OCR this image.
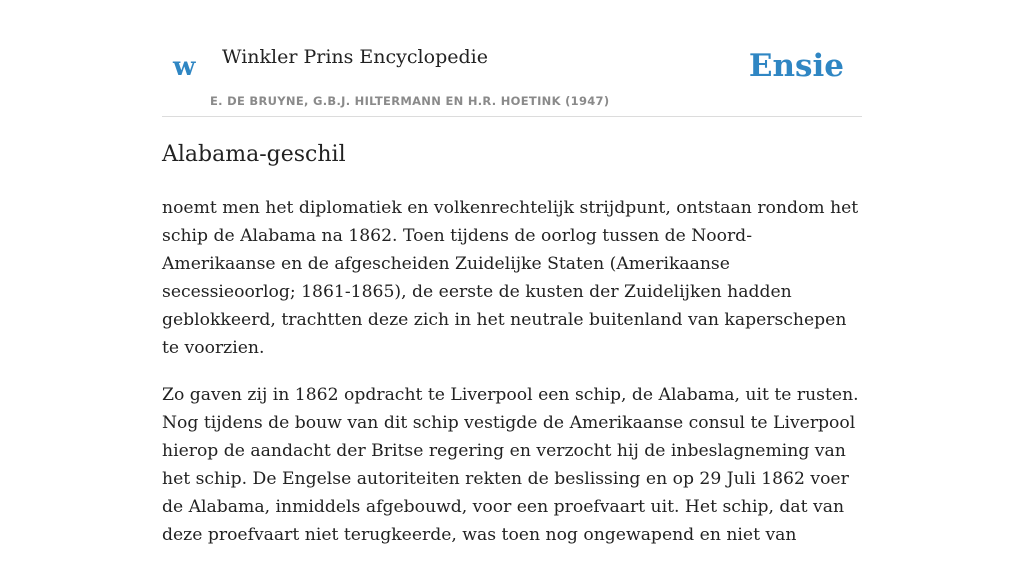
w Winkler Prins Encyclopedie
E. DE BRUYNE, G.B.J. HILTERMANN EN H.R. HOETINK (1947)
Ensie
Alabama-geschil

noemt men het diplomatiek en volkenrechtelijk strijdpunt, ontstaan rondom het schip de Alabama na 1862. Toen tijdens de oorlog tussen de Noord-Amerikaanse en de afgescheiden Zuidelijke Staten (Amerikaanse secessieoorlog; 1861-1865), de eerste de kusten der Zuidelijken hadden geblokkeerd, trachtten deze zich in het neutrale buitenland van kaperschepen te voorzien.

Zo gaven zij in 1862 opdracht te Liverpool een schip, de Alabama, uit te rusten. Nog tijdens de bouw van dit schip vestigde de Amerikaanse consul te Liverpool hierop de aandacht der Britse regering en verzocht hij de inbeslagneming van het schip. De Engelse autoriteiten rekten de beslissing en op 29 Juli 1862 voer de Alabama, inmiddels afgebouwd, voor een proefvaart uit. Het schip, dat van deze proefvaart niet terugkeerde, was toen nog ongewapend en niet van
